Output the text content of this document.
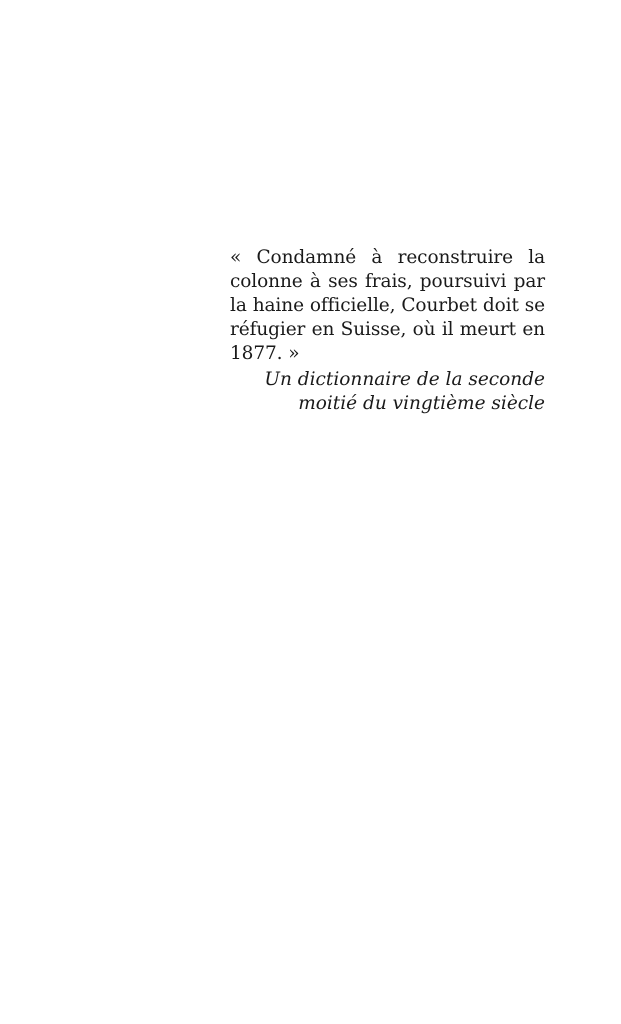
« Condamné à reconstruire la colonne à ses frais, poursuivi par la haine officielle, Courbet doit se réfugier en Suisse, où il meurt en 1877. »

Un dictionnaire de la seconde
moitié du vingtième siècle
